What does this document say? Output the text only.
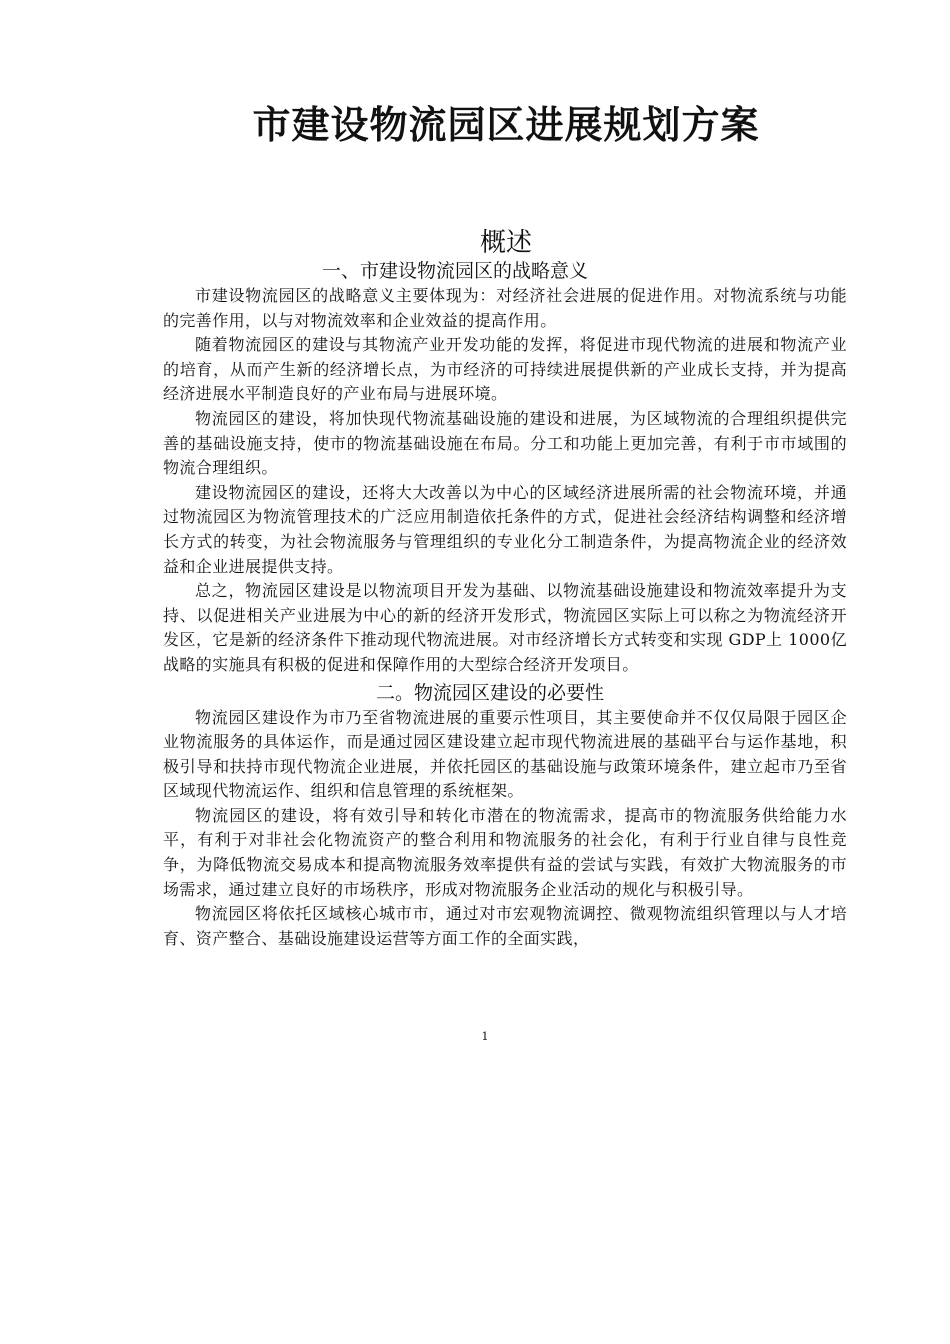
市建设物流园区进展规划方案
概述
一、市建设物流园区的战略意义

市建设物流园区的战略意义主要体现为：对经济社会进展的促进作用。对物流系统与功能的完善作用，以与对物流效率和企业效益的提高作用。

随着物流园区的建设与其物流产业开发功能的发挥，将促进市现代物流的进展和物流产业的培育，从而产生新的经济增长点，为市经济的可持续进展提供新的产业成长支持，并为提高经济进展水平制造良好的产业布局与进展环境。

物流园区的建设，将加快现代物流基础设施的建设和进展，为区域物流的合理组织提供完善的基础设施支持，使市的物流基础设施在布局。分工和功能上更加完善，有利于市市域围的物流合理组织。

建设物流园区的建设，还将大大改善以为中心的区域经济进展所需的社会物流环境，并通过物流园区为物流管理技术的广泛应用制造依托条件的方式，促进社会经济结构调整和经济增长方式的转变，为社会物流服务与管理组织的专业化分工制造条件，为提高物流企业的经济效益和企业进展提供支持。

总之，物流园区建设是以物流项目开发为基础、以物流基础设施建设和物流效率提升为支持、以促进相关产业进展为中心的新的经济开发形式，物流园区实际上可以称之为物流经济开发区，它是新的经济条件下推动现代物流进展。对市经济增长方式转变和实现 GDP上 1000亿战略的实施具有积极的促进和保障作用的大型综合经济开发项目。

二。物流园区建设的必要性

物流园区建设作为市乃至省物流进展的重要示性项目，其主要使命并不仅仅局限于园区企业物流服务的具体运作，而是通过园区建设建立起市现代物流进展的基础平台与运作基地，积极引导和扶持市现代物流企业进展，并依托园区的基础设施与政策环境条件，建立起市乃至省区域现代物流运作、组织和信息管理的系统框架。

物流园区的建设，将有效引导和转化市潜在的物流需求，提高市的物流服务供给能力水平，有利于对非社会化物流资产的整合利用和物流服务的社会化，有利于行业自律与良性竞争，为降低物流交易成本和提高物流服务效率提供有益的尝试与实践，有效扩大物流服务的市场需求，通过建立良好的市场秩序，形成对物流服务企业活动的规化与积极引导。

物流园区将依托区域核心城市市，通过对市宏观物流调控、微观物流组织管理以与人才培育、资产整合、基础设施建设运营等方面工作的全面实践，

1
